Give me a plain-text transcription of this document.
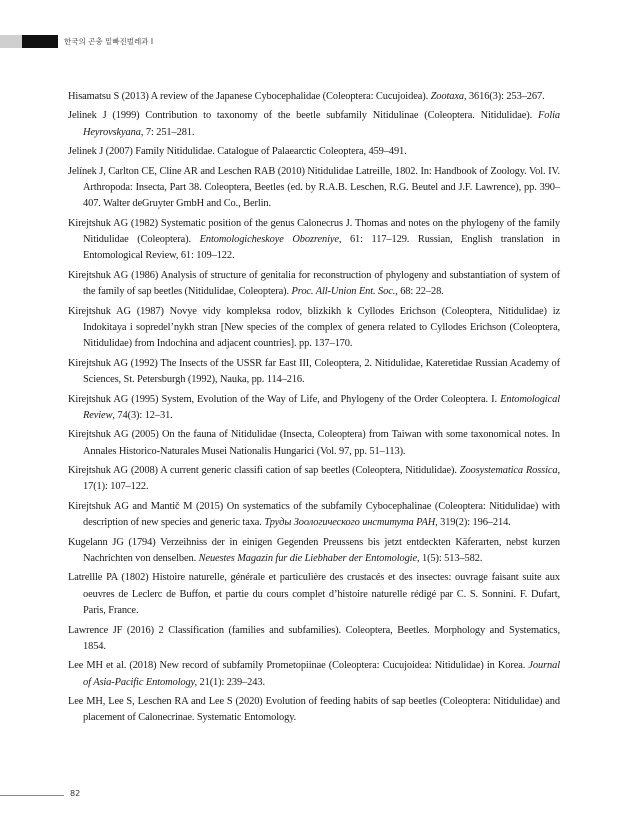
한국의 곤충 밑빠진벌레과 I

Hisamatsu S (2013) A review of the Japanese Cybocephalidae (Coleoptera: Cucujoidea). Zootaxa, 3616(3): 253–267.

Jelinek J (1999) Contribution to taxonomy of the beetle subfamily Nitidulinae (Coleoptera. Nitidulidae). Folia Heyrovskyana, 7: 251–281.

Jelinek J (2007) Family Nitidulidae. Catalogue of Palaearctic Coleoptera, 459–491.

Jelínek J, Carlton CE, Cline AR and Leschen RAB (2010) Nitidulidae Latreille, 1802. In: Handbook of Zoology. Vol. IV. Arthropoda: Insecta, Part 38. Coleoptera, Beetles (ed. by R.A.B. Leschen, R.G. Beutel and J.F. Lawrence), pp. 390–407. Walter deGruyter GmbH and Co., Berlin.

Kirejtshuk AG (1982) Systematic position of the genus Calonecrus J. Thomas and notes on the phylogeny of the family Nitidulidae (Coleoptera). Entomologicheskoye Obozreniye, 61: 117–129. Russian, English translation in Entomological Review, 61: 109–122.

Kirejtshuk AG (1986) Analysis of structure of genitalia for reconstruction of phylogeny and substantiation of system of the family of sap beetles (Nitidulidae, Coleoptera). Proc. All-Union Ent. Soc., 68: 22–28.

Kirejtshuk AG (1987) Novye vidy kompleksa rodov, blizkikh k Cyllodes Erichson (Coleoptera, Nitidulidae) iz Indokitaya i sopredel’nykh stran [New species of the complex of genera related to Cyllodes Erichson (Coleoptera, Nitidulidae) from Indochina and adjacent countries]. pp. 137–170.

Kirejtshuk AG (1992) The Insects of the USSR far East III, Coleoptera, 2. Nitidulidae, Kateretidae Russian Academy of Sciences, St. Petersburgh (1992), Nauka, pp. 114–216.

Kirejtshuk AG (1995) System, Evolution of the Way of Life, and Phylogeny of the Order Coleoptera. I. Entomological Review, 74(3): 12–31.

Kirejtshuk AG (2005) On the fauna of Nitidulidae (Insecta, Coleoptera) from Taiwan with some taxonomical notes. In Annales Historico-Naturales Musei Nationalis Hungarici (Vol. 97, pp. 51–113).

Kirejtshuk AG (2008) A current generic classifi cation of sap beetles (Coleoptera, Nitidulidae). Zoosystematica Rossica, 17(1): 107–122.

Kirejtshuk AG and Mantič M (2015) On systematics of the subfamily Cybocephalinae (Coleoptera: Nitidulidae) with description of new species and generic taxa. Труды Зоологического института РАН, 319(2): 196–214.

Kugelann JG (1794) Verzeihniss der in einigen Gegenden Preussens bis jetzt entdeckten Käferarten, nebst kurzen Nachrichten von denselben. Neuestes Magazin fur die Liebhaber der Entomologie, 1(5): 513–582.

Latrellle PA (1802) Histoire naturelle, générale et particulière des crustacés et des insectes: ouvrage faisant suite aux oeuvres de Leclerc de Buffon, et partie du cours complet d’histoire naturelle rédigé par C. S. Sonnini. F. Dufart, Paris, France.

Lawrence JF (2016) 2 Classification (families and subfamilies). Coleoptera, Beetles. Morphology and Systematics, 1854.

Lee MH et al. (2018) New record of subfamily Prometopiinae (Coleoptera: Cucujoidea: Nitidulidae) in Korea. Journal of Asia-Pacific Entomology, 21(1): 239–243.

Lee MH, Lee S, Leschen RA and Lee S (2020) Evolution of feeding habits of sap beetles (Coleoptera: Nitidulidae) and placement of Calonecrinae. Systematic Entomology.

82
